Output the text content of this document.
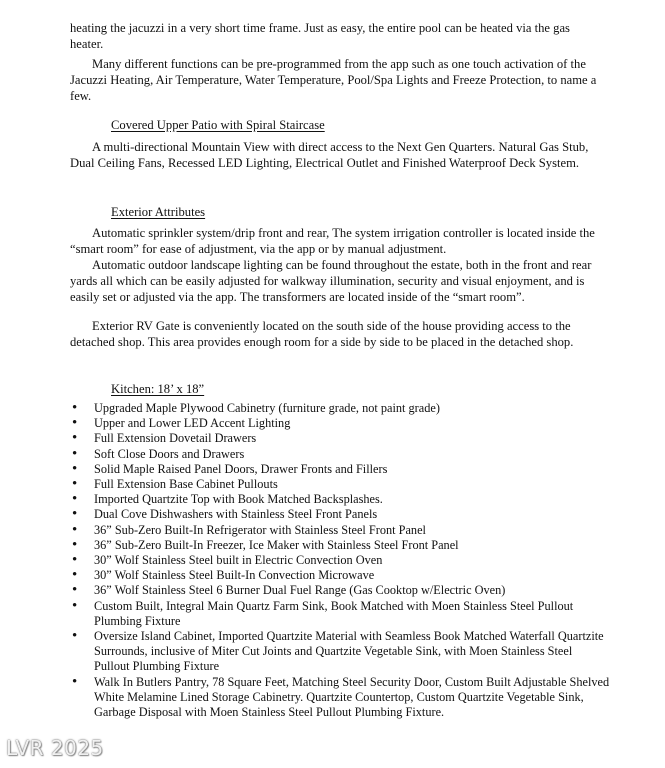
heating the jacuzzi in a very short time frame. Just as easy, the entire pool can be heated via the gas heater.

Many different functions can be pre-programmed from the app such as one touch activation of the Jacuzzi Heating, Air Temperature, Water Temperature, Pool/Spa Lights and Freeze Protection, to name a few.

Covered Upper Patio with Spiral Staircase

A multi-directional Mountain View with direct access to the Next Gen Quarters. Natural Gas Stub, Dual Ceiling Fans, Recessed LED Lighting, Electrical Outlet and Finished Waterproof Deck System.

Exterior Attributes

Automatic sprinkler system/drip front and rear, The system irrigation controller is located inside the “smart room” for ease of adjustment, via the app or by manual adjustment.

Automatic outdoor landscape lighting can be found throughout the estate, both in the front and rear yards all which can be easily adjusted for walkway illumination, security and visual enjoyment, and is easily set or adjusted via the app. The transformers are located inside of the “smart room”.

Exterior RV Gate is conveniently located on the south side of the house providing access to the detached shop. This area provides enough room for a side by side to be placed in the detached shop.

Kitchen: 18’ x 18”

• Upgraded Maple Plywood Cabinetry (furniture grade, not paint grade)
• Upper and Lower LED Accent Lighting
• Full Extension Dovetail Drawers
• Soft Close Doors and Drawers
• Solid Maple Raised Panel Doors, Drawer Fronts and Fillers
• Full Extension Base Cabinet Pullouts
• Imported Quartzite Top with Book Matched Backsplashes.
• Dual Cove Dishwashers with Stainless Steel Front Panels
• 36” Sub-Zero Built-In Refrigerator with Stainless Steel Front Panel
• 36” Sub-Zero Built-In Freezer, Ice Maker with Stainless Steel Front Panel
• 30” Wolf Stainless Steel built in Electric Convection Oven
• 30” Wolf Stainless Steel Built-In Convection Microwave
• 36” Wolf Stainless Steel 6 Burner Dual Fuel Range (Gas Cooktop w/Electric Oven)
• Custom Built, Integral Main Quartz Farm Sink, Book Matched with Moen Stainless Steel Pullout Plumbing Fixture
• Oversize Island Cabinet, Imported Quartzite Material with Seamless Book Matched Waterfall Quartzite Surrounds, inclusive of Miter Cut Joints and Quartzite Vegetable Sink, with Moen Stainless Steel Pullout Plumbing Fixture
• Walk In Butlers Pantry, 78 Square Feet, Matching Steel Security Door, Custom Built Adjustable Shelved White Melamine Lined Storage Cabinetry. Quartzite Countertop, Custom Quartzite Vegetable Sink, Garbage Disposal with Moen Stainless Steel Pullout Plumbing Fixture.
LVR 2025
